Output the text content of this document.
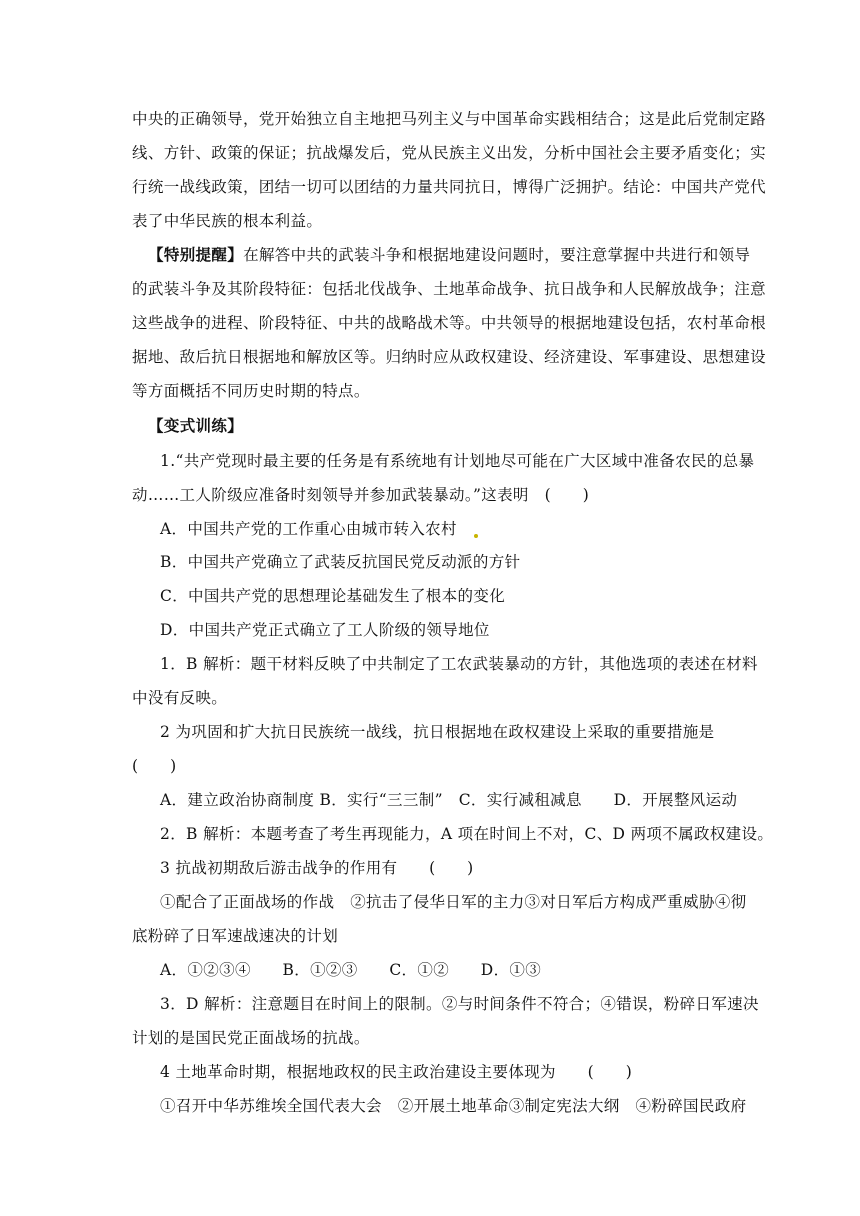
中央的正确领导，党开始独立自主地把马列主义与中国革命实践相结合；这是此后党制定路
线、方针、政策的保证；抗战爆发后，党从民族主义出发，分析中国社会主要矛盾变化；实
行统一战线政策，团结一切可以团结的力量共同抗日，博得广泛拥护。结论：中国共产党代
表了中华民族的根本利益。
【特别提醒】在解答中共的武装斗争和根据地建设问题时，要注意掌握中共进行和领导
的武装斗争及其阶段特征：包括北伐战争、土地革命战争、抗日战争和人民解放战争；注意
这些战争的进程、阶段特征、中共的战略战术等。中共领导的根据地建设包括，农村革命根
据地、敌后抗日根据地和解放区等。归纳时应从政权建设、经济建设、军事建设、思想建设
等方面概括不同历史时期的特点。
【变式训练】
1.“共产党现时最主要的任务是有系统地有计划地尽可能在广大区域中准备农民的总暴
动……工人阶级应准备时刻领导并参加武装暴动。”这表明　(　　)
A．中国共产党的工作重心由城市转入农村
B．中国共产党确立了武装反抗国民党反动派的方针
C．中国共产党的思想理论基础发生了根本的变化
D．中国共产党正式确立了工人阶级的领导地位
1．B 解析：题干材料反映了中共制定了工农武装暴动的方针，其他选项的表述在材料
中没有反映。
2 为巩固和扩大抗日民族统一战线，抗日根据地在政权建设上采取的重要措施是
(　　)
A．建立政治协商制度 B．实行“三三制”　C．实行减租减息　　D．开展整风运动
2．B 解析：本题考查了考生再现能力，A 项在时间上不对，C、D 两项不属政权建设。
3 抗战初期敌后游击战争的作用有　　(　　)
①配合了正面战场的作战　②抗击了侵华日军的主力③对日军后方构成严重威胁④彻
底粉碎了日军速战速决的计划
A．①②③④　　B．①②③　　C．①②　　D．①③
3．D 解析：注意题目在时间上的限制。②与时间条件不符合；④错误，粉碎日军速决
计划的是国民党正面战场的抗战。
4 土地革命时期，根据地政权的民主政治建设主要体现为　　(　　)
①召开中华苏维埃全国代表大会　②开展土地革命③制定宪法大纲　④粉碎国民政府
